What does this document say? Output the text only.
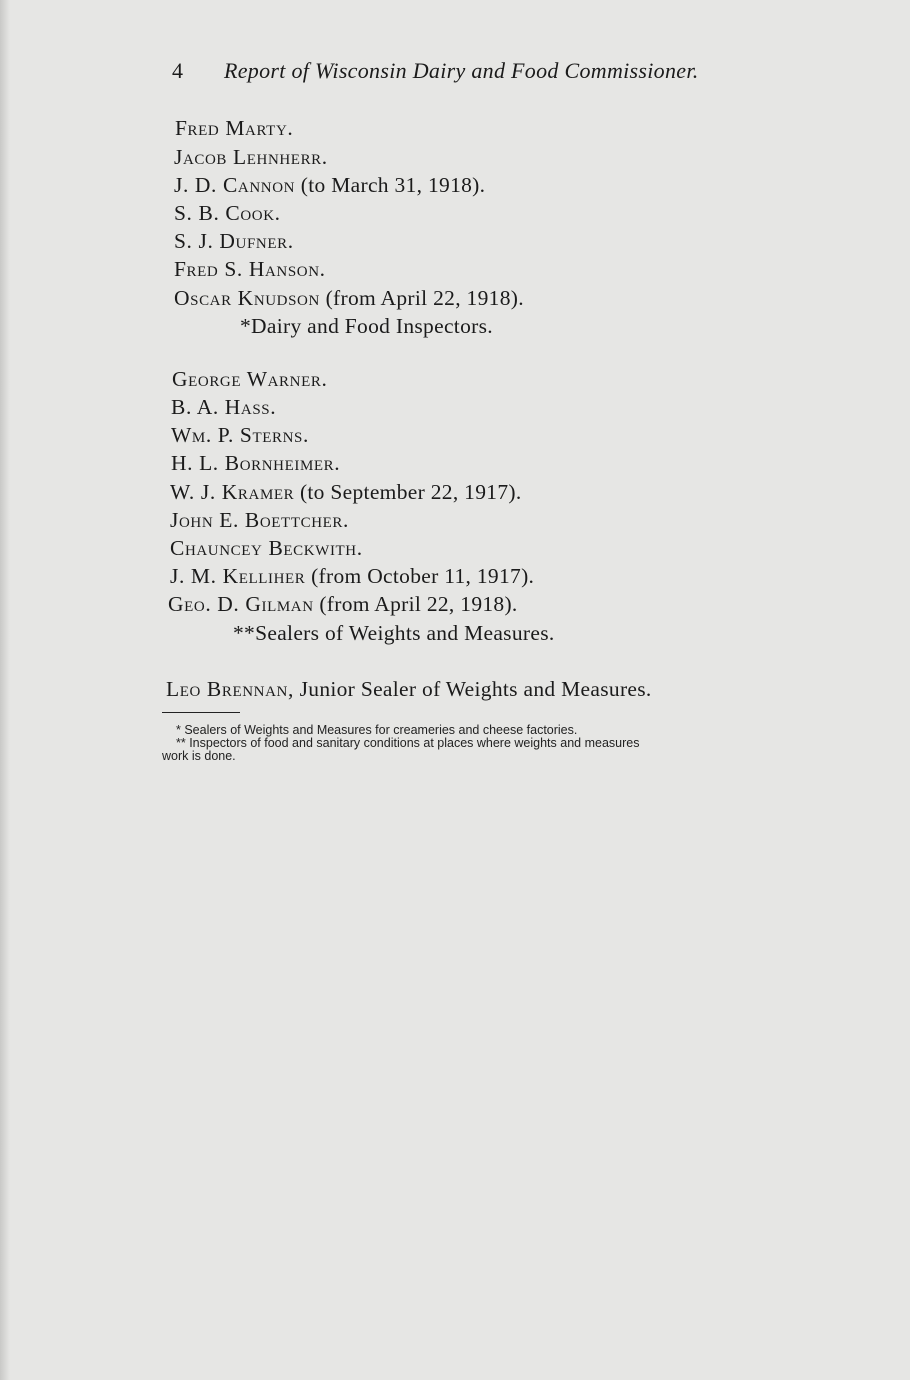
4 Report of Wisconsin Dairy and Food Commissioner.
Fred Marty.
Jacob Lehnherr.
J. D. Cannon (to March 31, 1918).
S. B. Cook.
S. J. Dufner.
Fred S. Hanson.
Oscar Knudson (from April 22, 1918).
*Dairy and Food Inspectors.
George Warner.
B. A. Hass.
Wm. P. Sterns.
H. L. Bornheimer.
W. J. Kramer (to September 22, 1917).
John E. Boettcher.
Chauncey Beckwith.
J. M. Kelliher (from October 11, 1917).
Geo. D. Gilman (from April 22, 1918).
**Sealers of Weights and Measures.
Leo Brennan, Junior Sealer of Weights and Measures.
* Sealers of Weights and Measures for creameries and cheese factories.
** Inspectors of food and sanitary conditions at places where weights and measures
work is done.
